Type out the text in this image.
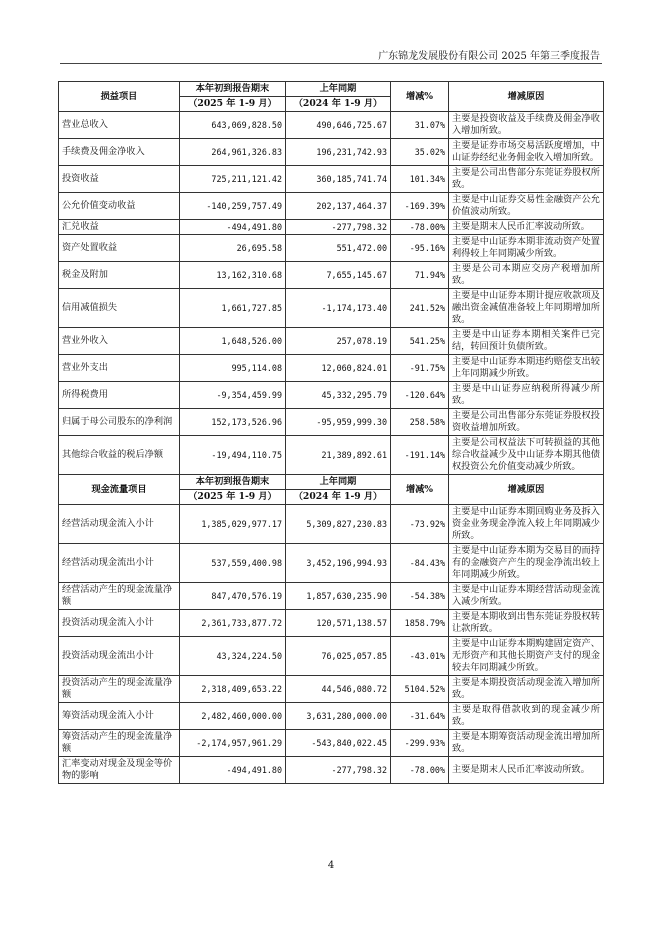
广东锦龙发展股份有限公司 2025 年第三季度报告
损益项目	本年初到报告期末	上年同期	增减%	增减原因
	（2025 年 1-9 月）	（2024 年 1-9 月）		
营业总收入	643,069,828.50	490,646,725.67	31.07%	主要是投资收益及手续费及佣金净收入增加所致。
手续费及佣金净收入	264,961,326.83	196,231,742.93	35.02%	主要是证券市场交易活跃度增加，中山证券经纪业务佣金收入增加所致。
投资收益	725,211,121.42	360,185,741.74	101.34%	主要是公司出售部分东莞证券股权所致。
公允价值变动收益	-140,259,757.49	202,137,464.37	-169.39%	主要是中山证券交易性金融资产公允价值波动所致。
汇兑收益	-494,491.80	-277,798.32	-78.00%	主要是期末人民币汇率波动所致。
资产处置收益	26,695.58	551,472.00	-95.16%	主要是中山证券本期非流动资产处置利得较上年同期减少所致。
税金及附加	13,162,310.68	7,655,145.67	71.94%	主要是公司本期应交房产税增加所致。
信用减值损失	1,661,727.85	-1,174,173.40	241.52%	主要是中山证券本期计提应收款项及融出资金减值准备较上年同期增加所致。
营业外收入	1,648,526.00	257,078.19	541.25%	主要是中山证券本期相关案件已完结，转回预计负债所致。
营业外支出	995,114.08	12,060,824.01	-91.75%	主要是中山证券本期违约赔偿支出较上年同期减少所致。
所得税费用	-9,354,459.99	45,332,295.79	-120.64%	主要是中山证券应纳税所得减少所致。
归属于母公司股东的净利润	152,173,526.96	-95,959,999.30	258.58%	主要是公司出售部分东莞证券股权投资收益增加所致。
其他综合收益的税后净额	-19,494,110.75	21,389,892.61	-191.14%	主要是公司权益法下可转损益的其他综合收益减少及中山证券本期其他债权投资公允价值变动减少所致。
现金流量项目	本年初到报告期末	上年同期	增减%	增减原因
	（2025 年 1-9 月）	（2024 年 1-9 月）		
经营活动现金流入小计	1,385,029,977.17	5,309,827,230.83	-73.92%	主要是中山证券本期回购业务及拆入资金业务现金净流入较上年同期减少所致。
经营活动现金流出小计	537,559,400.98	3,452,196,994.93	-84.43%	主要是中山证券本期为交易目的而持有的金融资产产生的现金净流出较上年同期减少所致。
经营活动产生的现金流量净额	847,470,576.19	1,857,630,235.90	-54.38%	主要是中山证券本期经营活动现金流入减少所致。
投资活动现金流入小计	2,361,733,877.72	120,571,138.57	1858.79%	主要是本期收到出售东莞证券股权转让款所致。
投资活动现金流出小计	43,324,224.50	76,025,057.85	-43.01%	主要是中山证券本期购建固定资产、无形资产和其他长期资产支付的现金较去年同期减少所致。
投资活动产生的现金流量净额	2,318,409,653.22	44,546,080.72	5104.52%	主要是本期投资活动现金流入增加所致。
筹资活动现金流入小计	2,482,460,000.00	3,631,280,000.00	-31.64%	主要是取得借款收到的现金减少所致。
筹资活动产生的现金流量净额	-2,174,957,961.29	-543,840,022.45	-299.93%	主要是本期筹资活动现金流出增加所致。
汇率变动对现金及现金等价物的影响	-494,491.80	-277,798.32	-78.00%	主要是期末人民币汇率波动所致。
4
